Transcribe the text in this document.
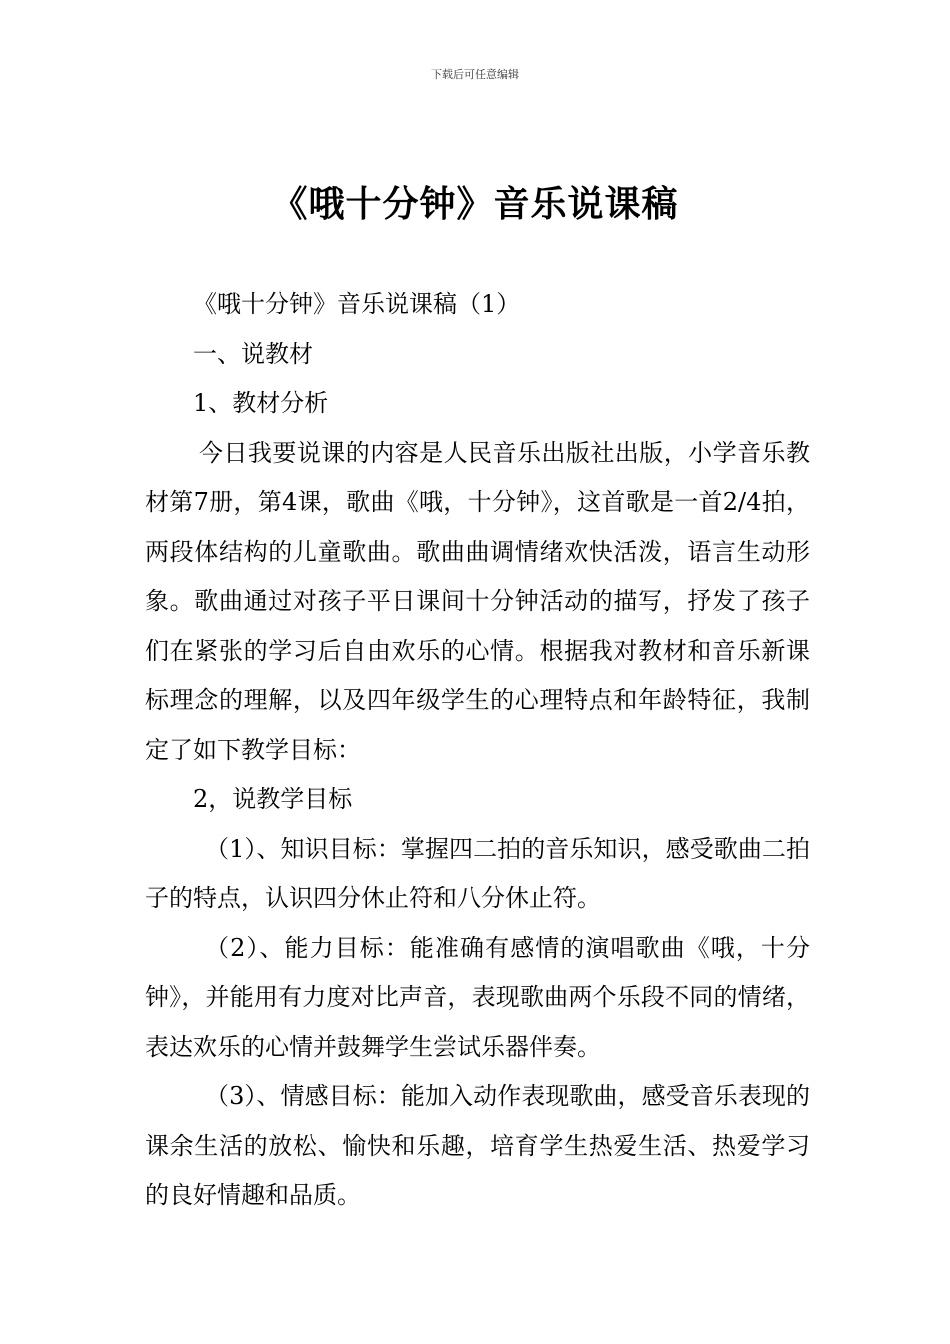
下载后可任意编辑
《哦十分钟》音乐说课稿

《哦十分钟》音乐说课稿（1）

一、说教材

1、教材分析

今日我要说课的内容是人民音乐出版社出版，小学音乐教材第7册，第4课，歌曲《哦，十分钟》，这首歌是一首2/4拍，两段体结构的儿童歌曲。歌曲曲调情绪欢快活泼，语言生动形象。歌曲通过对孩子平日课间十分钟活动的描写，抒发了孩子们在紧张的学习后自由欢乐的心情。根据我对教材和音乐新课标理念的理解，以及四年级学生的心理特点和年龄特征，我制定了如下教学目标：

2，说教学目标

（1）、知识目标：掌握四二拍的音乐知识，感受歌曲二拍子的特点，认识四分休止符和八分休止符。

（2）、能力目标：能准确有感情的演唱歌曲《哦，十分钟》，并能用有力度对比声音，表现歌曲两个乐段不同的情绪，表达欢乐的心情并鼓舞学生尝试乐器伴奏。

（3）、情感目标：能加入动作表现歌曲，感受音乐表现的课余生活的放松、愉快和乐趣，培育学生热爱生活、热爱学习的良好情趣和品质。
